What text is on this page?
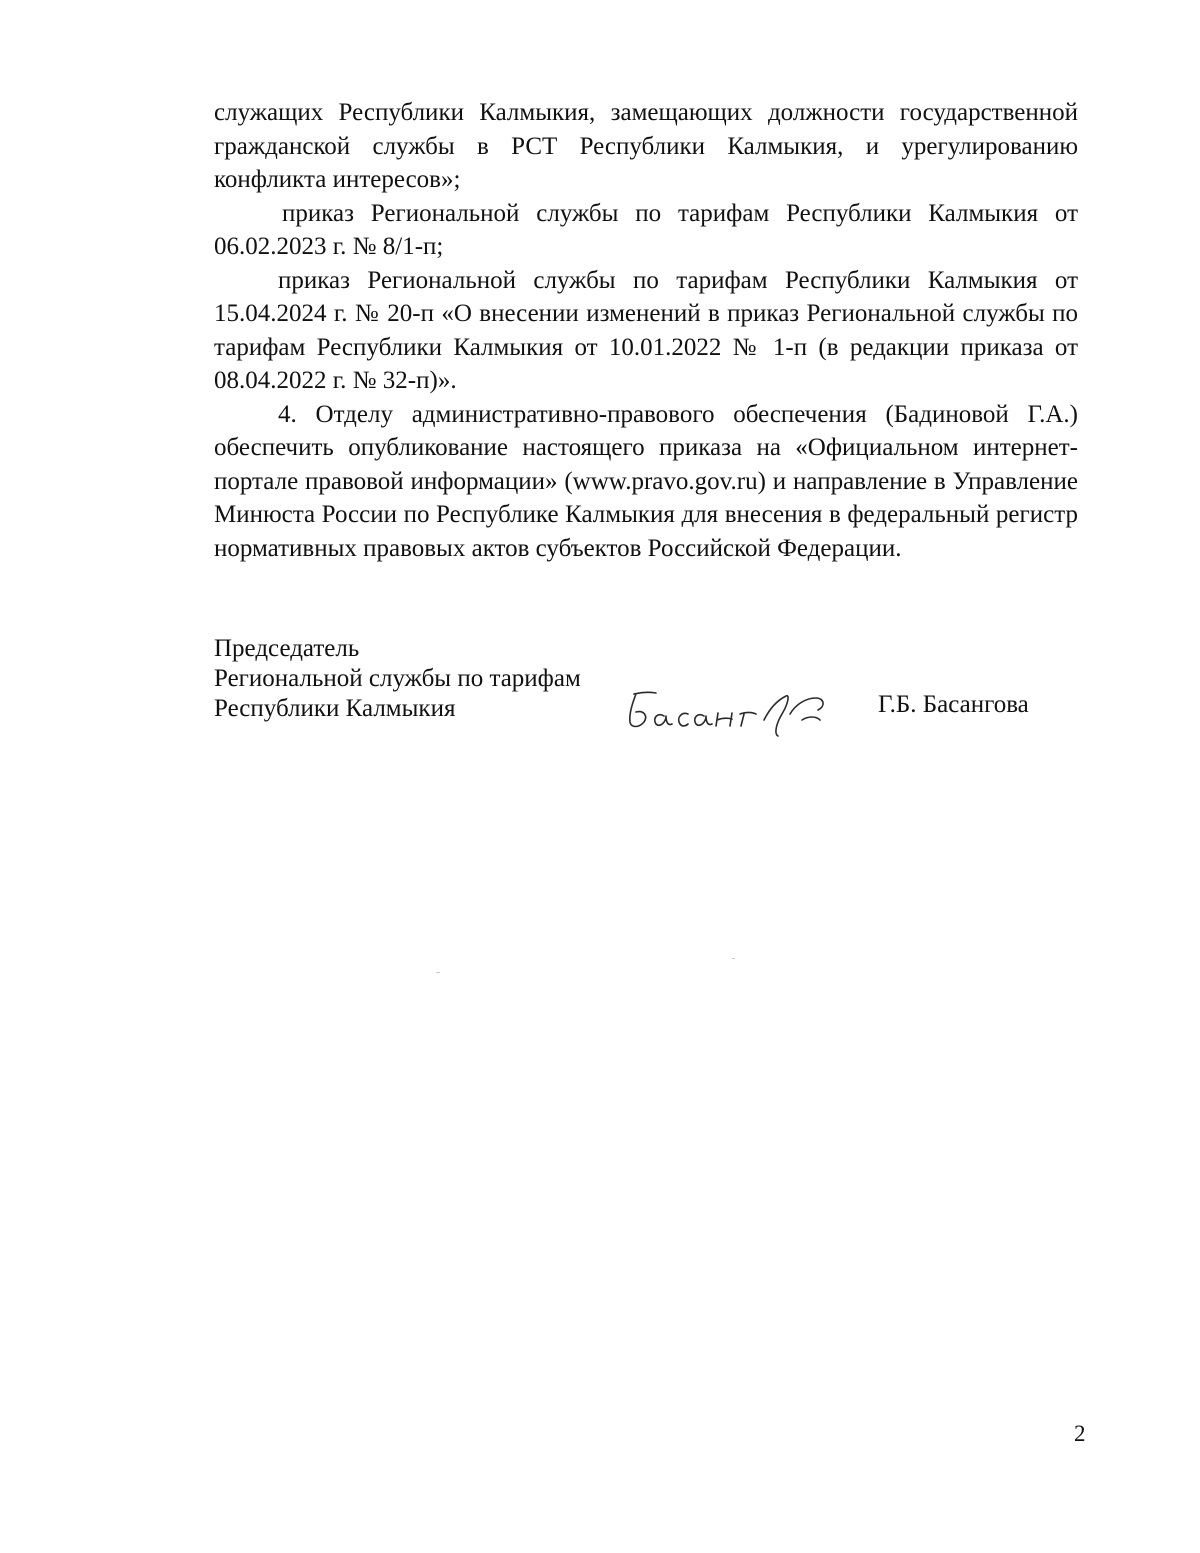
служащих Республики Калмыкия, замещающих должности государственной гражданской службы в РСТ Республики Калмыкия, и урегулированию конфликта интересов»;

приказ Региональной службы по тарифам Республики Калмыкия от 06.02.2023 г. № 8/1-п;

приказ Региональной службы по тарифам Республики Калмыкия от 15.04.2024 г. № 20-п «О внесении изменений в приказ Региональной службы по тарифам Республики Калмыкия от 10.01.2022 № 1-п (в редакции приказа от 08.04.2022 г. № 32-п)».

4. Отделу административно-правового обеспечения (Бадиновой Г.А.) обеспечить опубликование настоящего приказа на «Официальном интернет-портале правовой информации» (www.pravo.gov.ru) и направление в Управление Минюста России по Республике Калмыкия для внесения в федеральный регистр нормативных правовых актов субъектов Российской Федерации.

Председатель
Региональной службы по тарифам
Республики Калмыкия	Г.Б. Басангова
2
